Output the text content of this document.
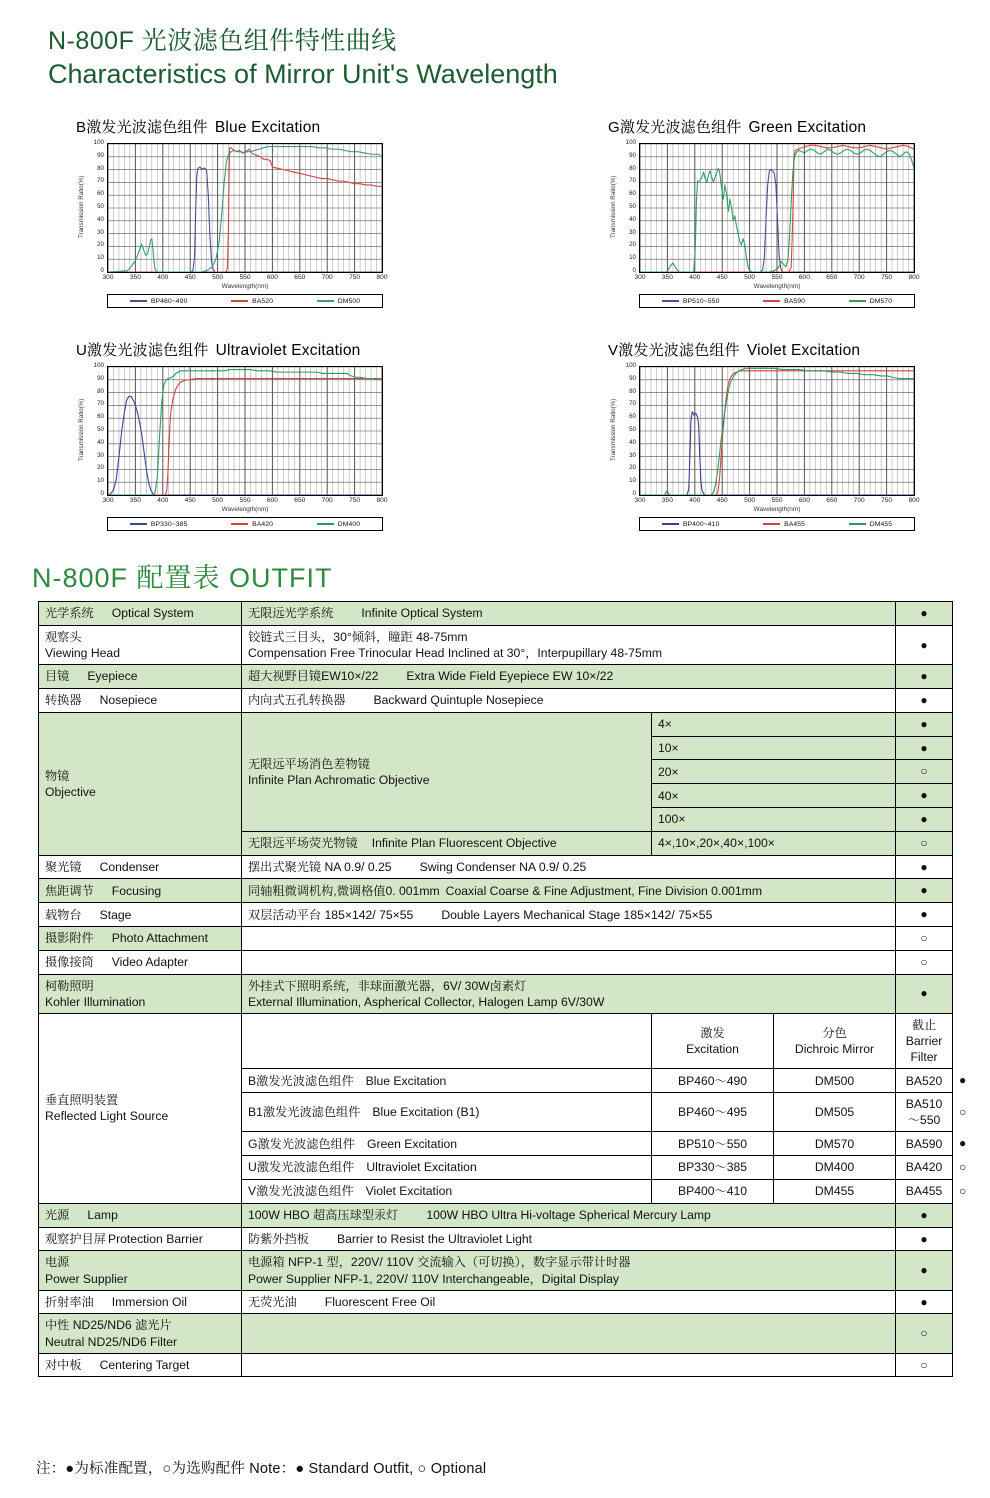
N-800F 光波滤色组件特性曲线
Characteristics of Mirror Unit's Wavelength
B激发光波滤色组件 Blue Excitation
Transmission Ratio(%)
0
10
20
30
40
50
60
70
80
90
100
300 350 400 450 500 550 600 650 700 750 800
Wavelength(nm)
BP460~490	BA520	DM500
G激发光波滤色组件 Green Excitation
Transmission Ratio(%)
0
10
20
30
40
50
60
70
80
90
100
300 350 400 450 500 550 600 650 700 750 800
Wavelength(nm)
BP510~550	BA590	DM570
U激发光波滤色组件 Ultraviolet Excitation
Transmission Ratio(%)
0
10
20
30
40
50
60
70
80
90
100
300 350 400 450 500 550 600 650 700 750 800
Wavelength(nm)
BP330~385	BA420	DM400
V激发光波滤色组件 Violet Excitation
Transmission Ratio(%)
0
10
20
30
40
50
60
70
80
90
100
300 350 400 450 500 550 600 650 700 750 800
Wavelength(nm)
BP400~410	BA455	DM455
N-800F 配置表 OUTFIT
光学系统 Optical System	无限远光学系统 Infinite Optical System	●

观察头
Viewing Head

铰链式三目头，30°倾斜，瞳距 48-75mm
Compensation Free Trinocular Head Inclined at 30°，Interpupillary 48-75mm
	●
目镜 Eyepiece	超大视野目镜EW10×/22 Extra Wide Field Eyepiece EW 10×/22	●
转换器 Nosepiece	内向式五孔转换器 Backward Quintuple Nosepiece	●

物镜
Objective

无限远平场消色差物镜
Infinite Plan Achromatic Objective
	4×	●
		10×	●
		20×	○
		40×	●
		100×	●
	无限远平场荧光物镜 Infinite Plan Fluorescent Objective	4×,10×,20×,40×,100×	○
聚光镜 Condenser	摆出式聚光镜 NA 0.9/ 0.25 Swing Condenser NA 0.9/ 0.25	●
焦距调节 Focusing	同轴粗微调机构,微调格值0. 001mm Coaxial Coarse & Fine Adjustment, Fine Division 0.001mm	●
载物台 Stage	双层活动平台 185×142/ 75×55 Double Layers Mechanical Stage 185×142/ 75×55	●
摄影附件 Photo Attachment		○
摄像接筒 Video Adapter		○

柯勒照明
Kohler Illumination

外挂式下照明系统，非球面激光器，6V/ 30W卤素灯
External Illumination, Aspherical Collector, Halogen Lamp 6V/30W
	●

垂直照明装置
Reflected Light Source

激发
Excitation

分色
Dichroic Mirror

截止
Barrier Filter

	B激发光波滤色组件 Blue Excitation	BP460～490	DM500	BA520	●
	B1激发光波滤色组件 Blue Excitation (B1)	BP460～495	DM505	BA510～550	○
	G激发光波滤色组件 Green Excitation	BP510～550	DM570	BA590	●
	U激发光波滤色组件 Ultraviolet Excitation	BP330～385	DM400	BA420	○
	V激发光波滤色组件 Violet Excitation	BP400～410	DM455	BA455	○
光源 Lamp	100W HBO 超高压球型汞灯 100W HBO Ultra Hi-voltage Spherical Mercury Lamp	●
观察护目屏 Protection Barrier	防紫外挡板 Barrier to Resist the Ultraviolet Light	●

电源
Power Supplier

电源箱 NFP-1 型，220V/ 110V 交流输入（可切换），数字显示带计时器
Power Supplier NFP-1, 220V/ 110V Interchangeable，Digital Display
	●
折射率油 Immersion Oil	无荧光油 Fluorescent Free Oil	●

中性 ND25/ND6 滤光片
Neutral ND25/ND6 Filter
		○
对中板 Centering Target		○
注：●为标准配置，○为选购配件 Note：● Standard Outfit, ○ Optional
